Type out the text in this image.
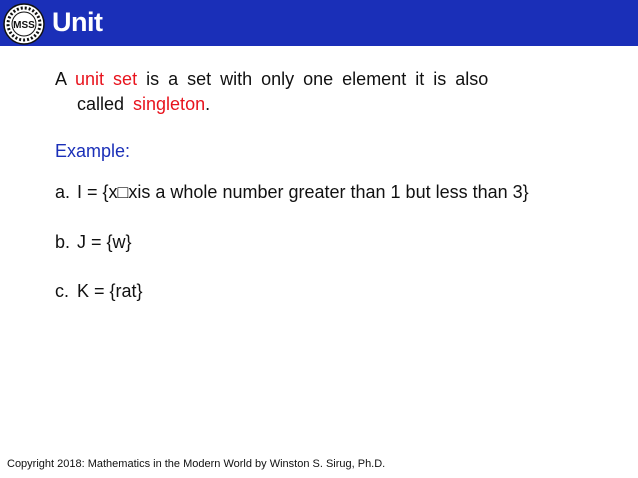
MSS Unit
A unit set is a set with only one element it is also
called singleton.
Example:
a. I = {x□xis a whole number greater than 1 but less than 3}
b. J = {w}
c. K = {rat}
Copyright 2018: Mathematics in the Modern World by Winston S. Sirug, Ph.D.
